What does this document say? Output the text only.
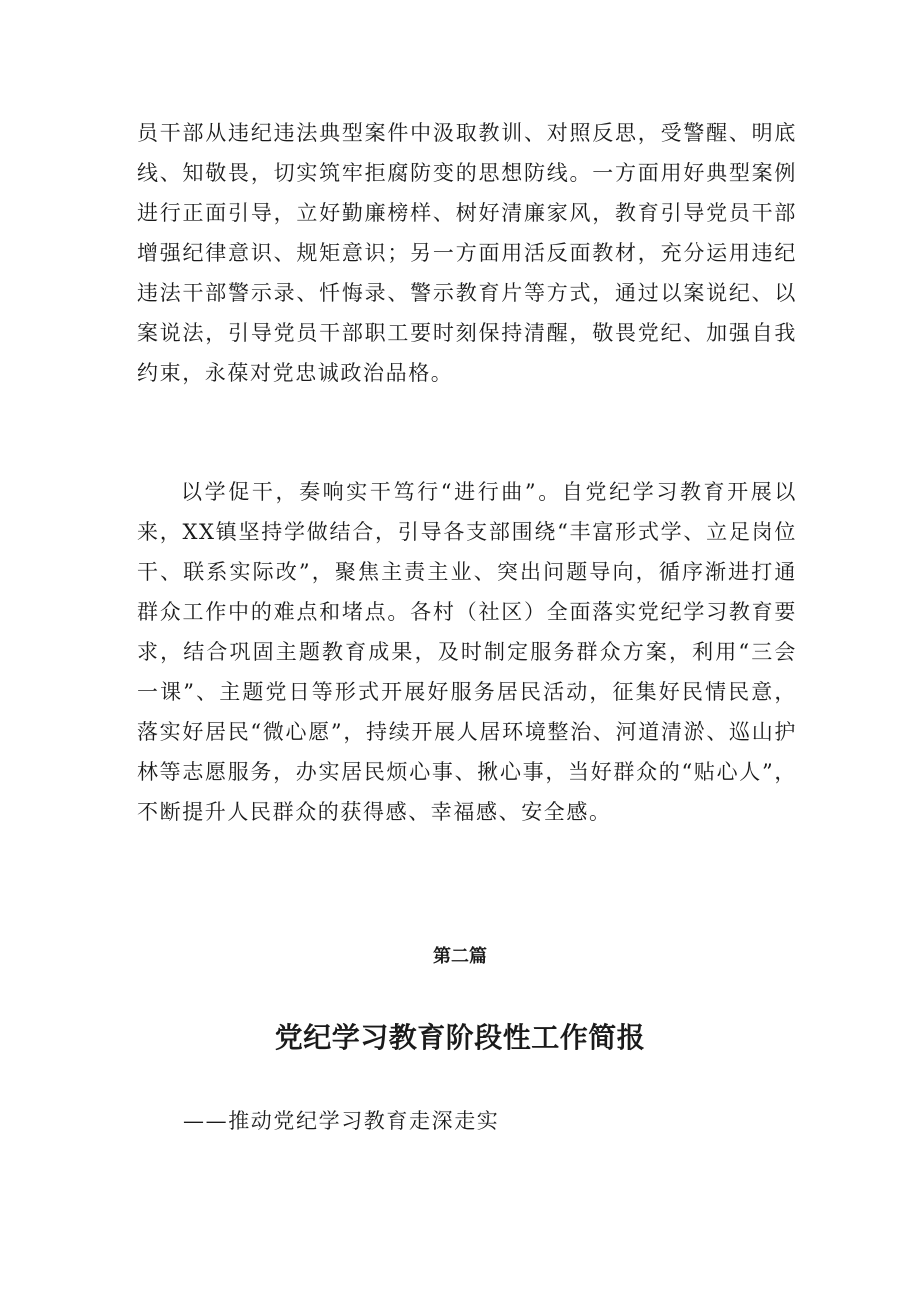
员干部从违纪违法典型案件中汲取教训、对照反思，受警醒、明底线、知敬畏，切实筑牢拒腐防变的思想防线。一方面用好典型案例进行正面引导，立好勤廉榜样、树好清廉家风，教育引导党员干部增强纪律意识、规矩意识；另一方面用活反面教材，充分运用违纪违法干部警示录、忏悔录、警示教育片等方式，通过以案说纪、以案说法，引导党员干部职工要时刻保持清醒，敬畏党纪、加强自我约束，永葆对党忠诚政治品格。

以学促干，奏响实干笃行“进行曲”。自党纪学习教育开展以来，XX镇坚持学做结合，引导各支部围绕“丰富形式学、立足岗位干、联系实际改”，聚焦主责主业、突出问题导向，循序渐进打通群众工作中的难点和堵点。各村（社区）全面落实党纪学习教育要求，结合巩固主题教育成果，及时制定服务群众方案，利用“三会一课”、主题党日等形式开展好服务居民活动，征集好民情民意，落实好居民“微心愿”，持续开展人居环境整治、河道清淤、巡山护林等志愿服务，办实居民烦心事、揪心事，当好群众的“贴心人”，不断提升人民群众的获得感、幸福感、安全感。

第二篇

党纪学习教育阶段性工作简报

——推动党纪学习教育走深走实
